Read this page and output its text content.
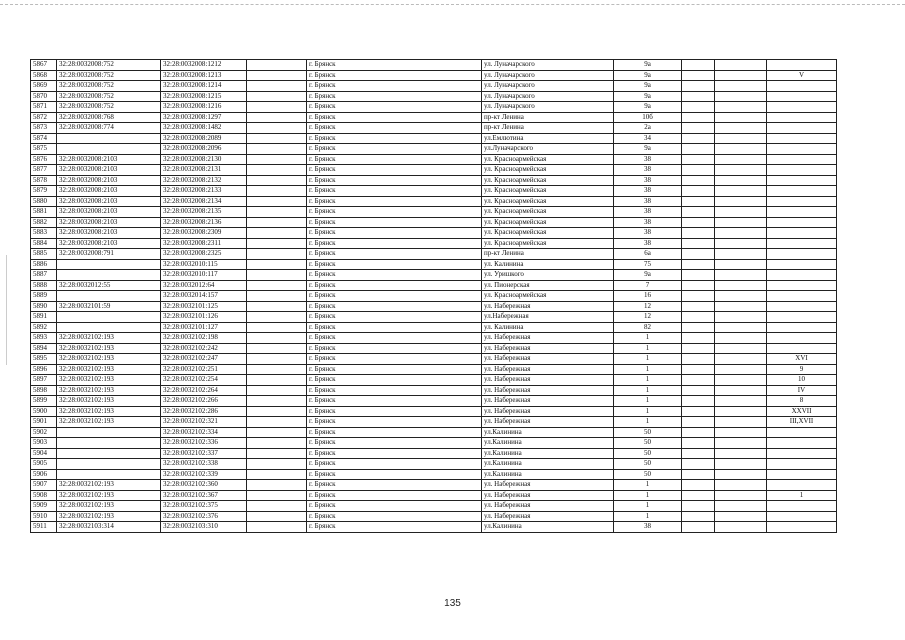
5867	32:28:0032008:752	32:28:0032008:1212		г. Брянск	ул. Луначарского	9а			
5868	32:28:0032008:752	32:28:0032008:1213		г. Брянск	ул. Луначарского	9а			V
5869	32:28:0032008:752	32:28:0032008:1214		г. Брянск	ул. Луначарского	9а			
5870	32:28:0032008:752	32:28:0032008:1215		г. Брянск	ул. Луначарского	9а			
5871	32:28:0032008:752	32:28:0032008:1216		г. Брянск	ул. Луначарского	9а			
5872	32:28:0032008:768	32:28:0032008:1297		г. Брянск	пр-кт Ленина	10б			
5873	32:28:0032008:774	32:28:0032008:1482		г. Брянск	пр-кт Ленина	2а			
5874		32:28:0032008:2089		г. Брянск	ул.Емлютина	34			
5875		32:28:0032008:2096		г. Брянск	ул.Луначарского	9а			
5876	32:28:0032008:2103	32:28:0032008:2130		г. Брянск	ул. Красноармейская	38			
5877	32:28:0032008:2103	32:28:0032008:2131		г. Брянск	ул. Красноармейская	38			
5878	32:28:0032008:2103	32:28:0032008:2132		г. Брянск	ул. Красноармейская	38			
5879	32:28:0032008:2103	32:28:0032008:2133		г. Брянск	ул. Красноармейская	38			
5880	32:28:0032008:2103	32:28:0032008:2134		г. Брянск	ул. Красноармейская	38			
5881	32:28:0032008:2103	32:28:0032008:2135		г. Брянск	ул. Красноармейская	38			
5882	32:28:0032008:2103	32:28:0032008:2136		г. Брянск	ул. Красноармейская	38			
5883	32:28:0032008:2103	32:28:0032008:2309		г. Брянск	ул. Красноармейская	38			
5884	32:28:0032008:2103	32:28:0032008:2311		г. Брянск	ул. Красноармейская	38			
5885	32:28:0032008:791	32:28:0032008:2325		г. Брянск	пр-кт Ленина	6а			
5886		32:28:0032010:115		г. Брянск	ул. Калинина	75			
5887		32:28:0032010:117		г. Брянск	ул. Уришкого	9а			
5888	32:28:0032012:55	32:28:0032012:64		г. Брянск	ул. Пионерская	7			
5889		32:28:0032014:157		г. Брянск	ул. Красноармейская	16			
5890	32:28:0032101:59	32:28:0032101:125		г. Брянск	ул. Набережная	12			
5891		32:28:0032101:126		г. Брянск	ул.Набережная	12			
5892		32:28:0032101:127		г. Брянск	ул. Калинина	82			
5893	32:28:0032102:193	32:28:0032102:198		г. Брянск	ул. Набережная	1			
5894	32:28:0032102:193	32:28:0032102:242		г. Брянск	ул. Набережная	1			
5895	32:28:0032102:193	32:28:0032102:247		г. Брянск	ул. Набережная	1			XVI
5896	32:28:0032102:193	32:28:0032102:251		г. Брянск	ул. Набережная	1			9
5897	32:28:0032102:193	32:28:0032102:254		г. Брянск	ул. Набережная	1			10
5898	32:28:0032102:193	32:28:0032102:264		г. Брянск	ул. Набережная	1			IV
5899	32:28:0032102:193	32:28:0032102:266		г. Брянск	ул. Набережная	1			8
5900	32:28:0032102:193	32:28:0032102:286		г. Брянск	ул. Набережная	1			XXVII
5901	32:28:0032102:193	32:28:0032102:321		г. Брянск	ул. Набережная	1			III,XVII
5902		32:28:0032102:334		г. Брянск	ул.Калинина	50			
5903		32:28:0032102:336		г. Брянск	ул.Калинина	50			
5904		32:28:0032102:337		г. Брянск	ул.Калинина	50			
5905		32:28:0032102:338		г. Брянск	ул.Калинина	50			
5906		32:28:0032102:339		г. Брянск	ул.Калинина	50			
5907	32:28:0032102:193	32:28:0032102:360		г. Брянск	ул. Набережная	1			
5908	32:28:0032102:193	32:28:0032102:367		г. Брянск	ул. Набережная	1			1
5909	32:28:0032102:193	32:28:0032102:375		г. Брянск	ул. Набережная	1			
5910	32:28:0032102:193	32:28:0032102:376		г. Брянск	ул. Набережная	1			
5911	32:28:0032103:314	32:28:0032103:310		г. Брянск	ул.Калинина	38			
135
